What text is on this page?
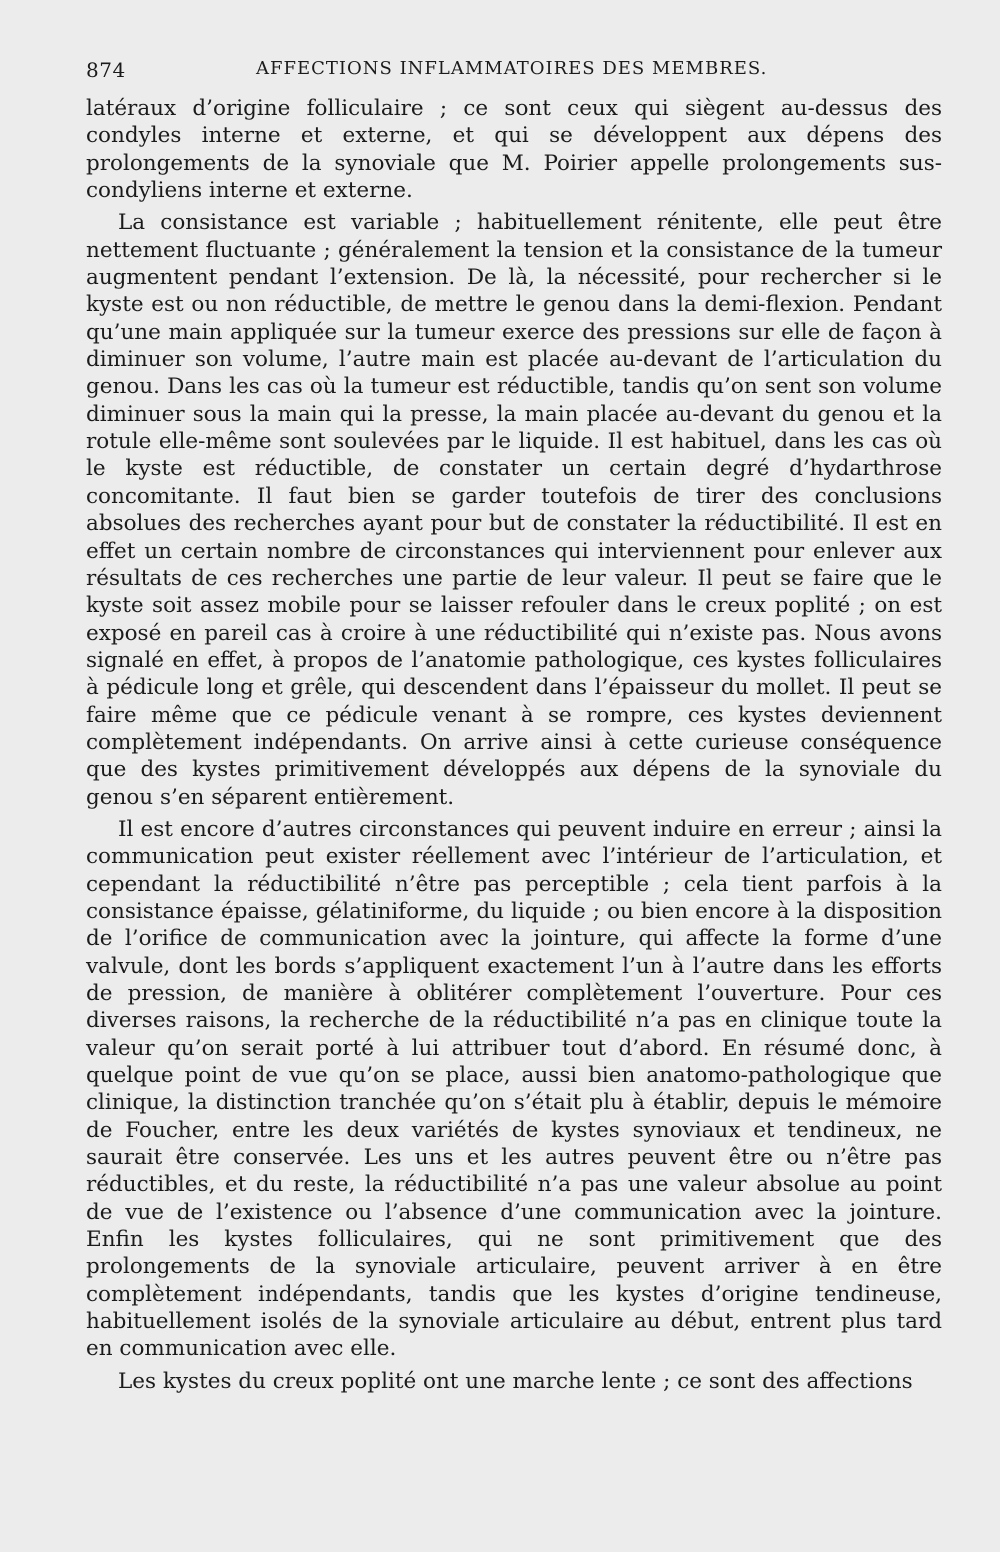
874	AFFECTIONS INFLAMMATOIRES DES MEMBRES.

latéraux d’origine folliculaire ; ce sont ceux qui siègent au-dessus des condyles interne et externe, et qui se développent aux dépens des prolongements de la synoviale que M. Poirier appelle prolongements sus-condyliens interne et externe.

La consistance est variable ; habituellement rénitente, elle peut être nettement fluctuante ; généralement la tension et la consistance de la tumeur augmentent pendant l’extension. De là, la nécessité, pour rechercher si le kyste est ou non réductible, de mettre le genou dans la demi-flexion. Pendant qu’une main appliquée sur la tumeur exerce des pressions sur elle de façon à diminuer son volume, l’autre main est placée au-devant de l’articulation du genou. Dans les cas où la tumeur est réductible, tandis qu’on sent son volume diminuer sous la main qui la presse, la main placée au-devant du genou et la rotule elle-même sont soulevées par le liquide. Il est habituel, dans les cas où le kyste est réductible, de constater un certain degré d’hydarthrose concomitante. Il faut bien se garder toutefois de tirer des conclusions absolues des recherches ayant pour but de constater la réductibilité. Il est en effet un certain nombre de circonstances qui interviennent pour enlever aux résultats de ces recherches une partie de leur valeur. Il peut se faire que le kyste soit assez mobile pour se laisser refouler dans le creux poplité ; on est exposé en pareil cas à croire à une réductibilité qui n’existe pas. Nous avons signalé en effet, à propos de l’anatomie pathologique, ces kystes folliculaires à pédicule long et grêle, qui descendent dans l’épaisseur du mollet. Il peut se faire même que ce pédicule venant à se rompre, ces kystes deviennent complètement indépendants. On arrive ainsi à cette curieuse conséquence que des kystes primitivement développés aux dépens de la synoviale du genou s’en séparent entièrement.

Il est encore d’autres circonstances qui peuvent induire en erreur ; ainsi la communication peut exister réellement avec l’intérieur de l’articulation, et cependant la réductibilité n’être pas perceptible ; cela tient parfois à la consistance épaisse, gélatiniforme, du liquide ; ou bien encore à la disposition de l’orifice de communication avec la jointure, qui affecte la forme d’une valvule, dont les bords s’appliquent exactement l’un à l’autre dans les efforts de pression, de manière à oblitérer complètement l’ouverture. Pour ces diverses raisons, la recherche de la réductibilité n’a pas en clinique toute la valeur qu’on serait porté à lui attribuer tout d’abord. En résumé donc, à quelque point de vue qu’on se place, aussi bien anatomo-pathologique que clinique, la distinction tranchée qu’on s’était plu à établir, depuis le mémoire de Foucher, entre les deux variétés de kystes synoviaux et tendineux, ne saurait être conservée. Les uns et les autres peuvent être ou n’être pas réductibles, et du reste, la réductibilité n’a pas une valeur absolue au point de vue de l’existence ou l’absence d’une communication avec la jointure. Enfin les kystes folliculaires, qui ne sont primitivement que des prolongements de la synoviale articulaire, peuvent arriver à en être complètement indépendants, tandis que les kystes d’origine tendineuse, habituellement isolés de la synoviale articulaire au début, entrent plus tard en communication avec elle.

Les kystes du creux poplité ont une marche lente ; ce sont des affections
